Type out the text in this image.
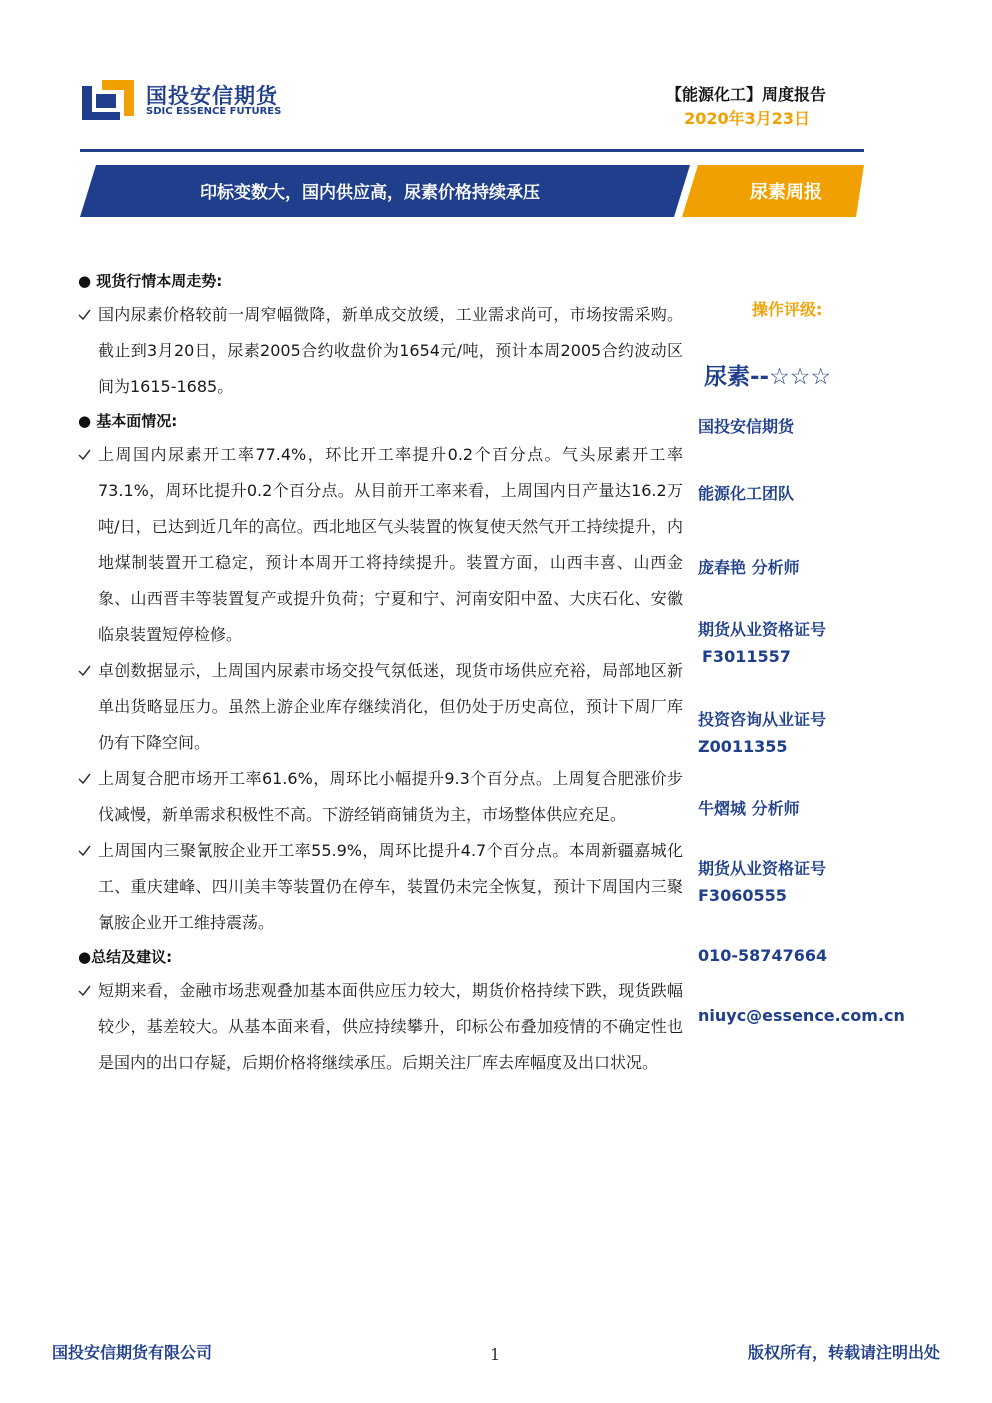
国投安信期货
SDIC ESSENCE FUTURES
【能源化工】周度报告
2020年3月23日
印标变数大，国内供应高，尿素价格持续承压	尿素周报
● 现货行情本周走势:
国内尿素价格较前一周窄幅微降，新单成交放缓，工业需求尚可，市场按需采购。截止到3月20日，尿素2005合约收盘价为1654元/吨，预计本周2005合约波动区间为1615-1685。
● 基本面情况:
上周国内尿素开工率77.4%，环比开工率提升0.2个百分点。气头尿素开工率73.1%，周环比提升0.2个百分点。从目前开工率来看，上周国内日产量达16.2万吨/日，已达到近几年的高位。西北地区气头装置的恢复使天然气开工持续提升，内地煤制装置开工稳定，预计本周开工将持续提升。装置方面，山西丰喜、山西金象、山西晋丰等装置复产或提升负荷；宁夏和宁、河南安阳中盈、大庆石化、安徽临泉装置短停检修。
卓创数据显示，上周国内尿素市场交投气氛低迷，现货市场供应充裕，局部地区新单出货略显压力。虽然上游企业库存继续消化，但仍处于历史高位，预计下周厂库仍有下降空间。
上周复合肥市场开工率61.6%，周环比小幅提升9.3个百分点。上周复合肥涨价步伐减慢，新单需求积极性不高。下游经销商铺货为主，市场整体供应充足。
上周国内三聚氰胺企业开工率55.9%，周环比提升4.7个百分点。本周新疆嘉城化工、重庆建峰、四川美丰等装置仍在停车，装置仍未完全恢复，预计下周国内三聚氰胺企业开工维持震荡。
●总结及建议:
短期来看，金融市场悲观叠加基本面供应压力较大，期货价格持续下跌，现货跌幅较少，基差较大。从基本面来看，供应持续攀升，印标公布叠加疫情的不确定性也是国内的出口存疑，后期价格将继续承压。后期关注厂库去库幅度及出口状况。
操作评级:
尿素--☆☆☆
国投安信期货
能源化工团队
庞春艳 分析师
期货从业资格证号
F3011557
投资咨询从业证号
Z0011355
牛熠城 分析师
期货从业资格证号
F3060555
010-58747664
niuyc@essence.com.cn
国投安信期货有限公司	1	版权所有，转载请注明出处
